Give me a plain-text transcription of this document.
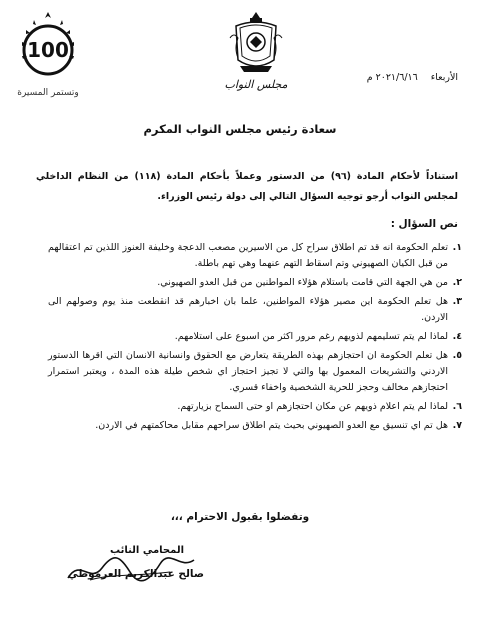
100
وتستمر المسيرة
مجلس النواب
الأربعاء ٢٠٢١/٦/١٦ م
سعادة رئيس مجلس النواب المكرم
استناداً لأحكام المادة (٩٦) من الدستور وعملاً بأحكام المادة (١١٨) من النظام الداخلي لمجلس النواب أرجو توجيه السؤال التالي إلى دولة رئيس الوزراء.
نص السؤال :
١.
تعلم الحكومة انه قد تم اطلاق سراح كل من الاسيرين مصعب الدعجة وخليفة العنوز اللذين تم اعتقالهم من قبل الكيان الصهيوني وتم اسقاط التهم عنهما وهي تهم باطلة.
٢.
من هي الجهة التي قامت باستلام هؤلاء المواطنين من قبل العدو الصهيوني.
٣.
هل تعلم الحكومة اين مصير هؤلاء المواطنين، علما بان اخبارهم قد انقطعت منذ يوم وصولهم الى الاردن.
٤.
لماذا لم يتم تسليمهم لذويهم رغم مرور اكثر من اسبوع على استلامهم.
٥.
هل تعلم الحكومة ان احتجازهم بهذه الطريقة يتعارض مع الحقوق وانسانية الانسان التي اقرها الدستور الاردني والتشريعات المعمول بها والتي لا تجيز احتجاز اي شخص طيلة هذه المدة ، ويعتبر استمرار احتجازهم مخالف وحجز للحرية الشخصية واخفاء قسري.
٦.
لماذا لم يتم اعلام ذويهم عن مكان احتجازهم او حتى السماح بزيارتهم.
٧.
هل تم اي تنسيق مع العدو الصهيوني بحيث يتم اطلاق سراحهم مقابل محاكمتهم في الاردن.
وتفضلوا بقبول الاحترام ،،،
المحامي النائب
صالح عبدالكريم العرموطي
